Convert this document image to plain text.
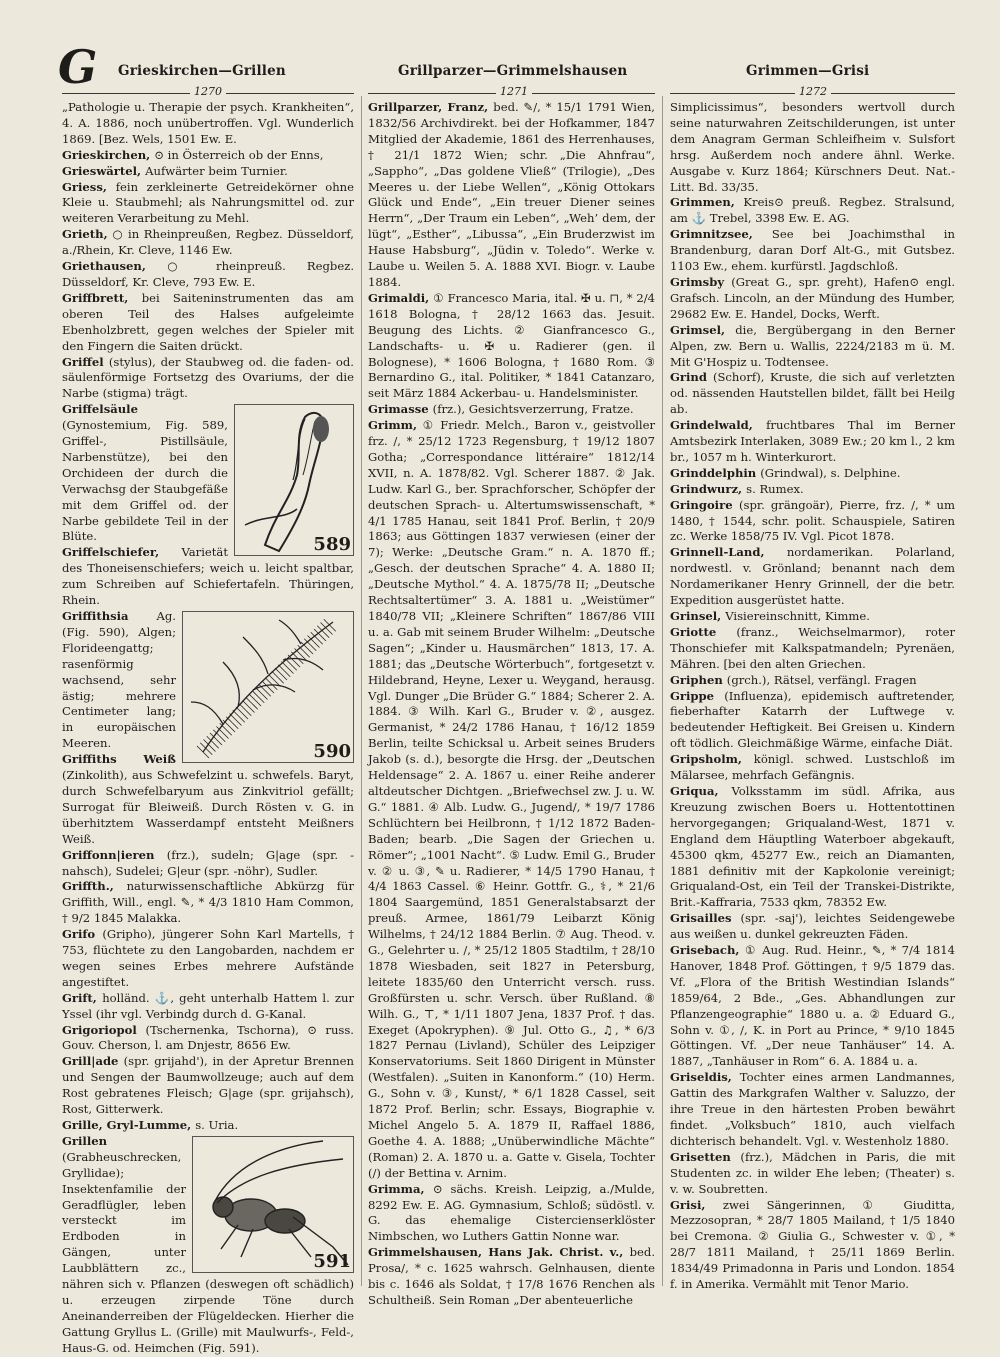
G Grieskirchen—Grillen	Grillparzer—Grimmelshausen	Grimmen—Grisi
1270	1271	1272

„Pathologie u. Therapie der psych. Krankheiten“, 4. A. 1886, noch unübertroffen. Vgl. Wunderlich 1869. [Bez. Wels, 1501 Ew. E.

Grieskirchen, ⊙ in Österreich ob der Enns,

Grieswärtel, Aufwärter beim Turnier.

Griess, fein zerkleinerte Getreidekörner ohne Kleie u. Staubmehl; als Nahrungsmittel od. zur weiteren Verarbeitung zu Mehl.

Grieth, ○ in Rheinpreußen, Regbez. Düsseldorf, a./Rhein, Kr. Cleve, 1146 Ew.

Griethausen, ○ rheinpreuß. Regbez. Düsseldorf, Kr. Cleve, 793 Ew. E.

Griffbrett, bei Saiteninstrumenten das am oberen Teil des Halses aufgeleimte Ebenholzbrett, gegen welches der Spieler mit den Fingern die Saiten drückt.

Griffel (stylus), der Staubweg od. die faden- od. säulenförmige Fortsetzg des Ovariums, der die Narbe (stigma) trägt.

589
Griffelsäule (Gynostemium, Fig. 589, Griffel-, Pistillsäule, Narbenstütze), bei den Orchideen der durch die Verwachsg der Staubgefäße mit dem Griffel od. der Narbe gebildete Teil in der Blüte.

Griffelschiefer, Varietät des Thoneisenschiefers; weich u. leicht spaltbar, zum Schreiben auf Schiefertafeln. Thüringen, Rhein.

590
Griffithsia Ag. (Fig. 590), Algen; Florideengattg; rasenförmig wachsend, sehr ästig; mehrere Centimeter lang; in europäischen Meeren.

Griffiths Weiß (Zinkolith), aus Schwefelzint u. schwefels. Baryt, durch Schwefelbaryum aus Zinkvitriol gefällt; Surrogat für Bleiweiß. Durch Rösten v. G. in überhitztem Wasserdampf entsteht Meißners Weiß.

Griffonn|ieren (frz.), sudeln; G|age (spr. -nahsch), Sudelei; G|eur (spr. -nöhr), Sudler.

Griffth., naturwissenschaftliche Abkürzg für Griffith, Will., engl. ✎, * 4/3 1810 Ham Common, † 9/2 1845 Malakka.

Grifo (Gripho), jüngerer Sohn Karl Martells, † 753, flüchtete zu den Langobarden, nachdem er wegen seines Erbes mehrere Aufstände angestiftet.

Grift, holländ. ⚓, geht unterhalb Hattem l. zur Yssel (ihr vgl. Verbindg durch d. G-Kanal.

Grigoriopol (Tschernenka, Tschorna), ⊙ russ. Gouv. Cherson, l. am Dnjestr, 8656 Ew.

Grill|ade (spr. grijahd'), in der Apretur Brennen und Sengen der Baumwollzeuge; auch auf dem Rost gebratenes Fleisch; G|age (spr. grijahsch), Rost, Gitterwerk.

Grille, Gryl-Lumme, s. Uria.

591
Grillen (Grabheuschrecken, Gryllidae); Insektenfamilie der Geradflügler, leben versteckt im Erdboden in Gängen, unter Laubblättern zc., nähren sich v. Pflanzen (deswegen oft schädlich) u. erzeugen zirpende Töne durch Aneinanderreiben der Flügeldecken. Hierher die Gattung Gryllus L. (Grille) mit Maulwurfs-, Feld-, Haus-G. od. Heimchen (Fig. 591).

Grillparzer, Franz, bed. ✎/, * 15/1 1791 Wien, 1832/56 Archivdirekt. bei der Hofkammer, 1847 Mitglied der Akademie, 1861 des Herrenhauses, † 21/1 1872 Wien; schr. „Die Ahnfrau“, „Sappho“, „Das goldene Vließ“ (Trilogie), „Des Meeres u. der Liebe Wellen“, „König Ottokars Glück und Ende“, „Ein treuer Diener seines Herrn“, „Der Traum ein Leben“, „Weh’ dem, der lügt“, „Esther“, „Libussa“, „Ein Bruderzwist im Hause Habsburg“, „Jüdin v. Toledo“. Werke v. Laube u. Weilen 5. A. 1888 XVI. Biogr. v. Laube 1884.

Grimaldi, ① Francesco Maria, ital. ✠ u. ⊓, * 2/4 1618 Bologna, † 28/12 1663 das. Jesuit. Beugung des Lichts. ② Gianfrancesco G., Landschafts- u. ✠ u. Radierer (gen. il Bolognese), * 1606 Bologna, † 1680 Rom. ③ Bernardino G., ital. Politiker, * 1841 Catanzaro, seit März 1884 Ackerbau- u. Handelsminister.

Grimasse (frz.), Gesichtsverzerrung, Fratze.

Grimm, ① Friedr. Melch., Baron v., geistvoller frz. /, * 25/12 1723 Regensburg, † 19/12 1807 Gotha; „Correspondance littéraire“ 1812/14 XVII, n. A. 1878/82. Vgl. Scherer 1887. ② Jak. Ludw. Karl G., ber. Sprachforscher, Schöpfer der deutschen Sprach- u. Altertumswissenschaft, * 4/1 1785 Hanau, seit 1841 Prof. Berlin, † 20/9 1863; aus Göttingen 1837 verwiesen (einer der 7); Werke: „Deutsche Gram.“ n. A. 1870 ff.; „Gesch. der deutschen Sprache“ 4. A. 1880 II; „Deutsche Mythol.“ 4. A. 1875/78 II; „Deutsche Rechtsaltertümer“ 3. A. 1881 u. „Weistümer“ 1840/78 VII; „Kleinere Schriften“ 1867/86 VIII u. a. Gab mit seinem Bruder Wilhelm: „Deutsche Sagen“; „Kinder u. Hausmärchen“ 1813, 17. A. 1881; das „Deutsche Wörterbuch“, fortgesetzt v. Hildebrand, Heyne, Lexer u. Weygand, herausg. Vgl. Dunger „Die Brüder G.“ 1884; Scherer 2. A. 1884. ③ Wilh. Karl G., Bruder v. ②, ausgez. Germanist, * 24/2 1786 Hanau, † 16/12 1859 Berlin, teilte Schicksal u. Arbeit seines Bruders Jakob (s. d.), besorgte die Hrsg. der „Deutschen Heldensage“ 2. A. 1867 u. einer Reihe anderer altdeutscher Dichtgen. „Briefwechsel zw. J. u. W. G.“ 1881. ④ Alb. Ludw. G., Jugend/, * 19/7 1786 Schlüchtern bei Heilbronn, † 1/12 1872 Baden-Baden; bearb. „Die Sagen der Griechen u. Römer“; „1001 Nacht“. ⑤ Ludw. Emil G., Bruder v. ② u. ③, ✎ u. Radierer, * 14/5 1790 Hanau, † 4/4 1863 Cassel. ⑥ Heinr. Gottfr. G., ⚕, * 21/6 1804 Saargemünd, 1851 Generalstabsarzt der preuß. Armee, 1861/79 Leibarzt König Wilhelms, † 24/12 1884 Berlin. ⑦ Aug. Theod. v. G., Gelehrter u. /, * 25/12 1805 Stadtilm, † 28/10 1878 Wiesbaden, seit 1827 in Petersburg, leitete 1835/60 den Unterricht versch. russ. Großfürsten u. schr. Versch. über Rußland. ⑧ Wilh. G., ⊤, * 1/11 1807 Jena, 1837 Prof. † das. Exeget (Apokryphen). ⑨ Jul. Otto G., ♫, * 6/3 1827 Pernau (Livland), Schüler des Leipziger Konservatoriums. Seit 1860 Dirigent in Münster (Westfalen). „Suiten in Kanonform.“ (10) Herm. G., Sohn v. ③, Kunst/, * 6/1 1828 Cassel, seit 1872 Prof. Berlin; schr. Essays, Biographie v. Michel Angelo 5. A. 1879 II, Raffael 1886, Goethe 4. A. 1888; „Unüberwindliche Mächte“ (Roman) 2. A. 1870 u. a. Gatte v. Gisela, Tochter (/) der Bettina v. Arnim.

Grimma, ⊙ sächs. Kreish. Leipzig, a./Mulde, 8292 Ew. E. AG. Gymnasium, Schloß; südöstl. v. G. das ehemalige Cistercienserklöster Nimbschen, wo Luthers Gattin Nonne war.

Grimmelshausen, Hans Jak. Christ. v., bed. Prosa/, * c. 1625 wahrsch. Gelnhausen, diente bis c. 1646 als Soldat, † 17/8 1676 Renchen als Schultheiß. Sein Roman „Der abenteuerliche

Simplicissimus“, besonders wertvoll durch seine naturwahren Zeitschilderungen, ist unter dem Anagram German Schleifheim v. Sulsfort hrsg. Außerdem noch andere ähnl. Werke. Ausgabe v. Kurz 1864; Kürschners Deut. Nat.-Litt. Bd. 33/35.

Grimmen, Kreis⊙ preuß. Regbez. Stralsund, am ⚓ Trebel, 3398 Ew. E. AG.

Grimnitzsee, See bei Joachimsthal in Brandenburg, daran Dorf Alt-G., mit Gutsbez. 1103 Ew., ehem. kurfürstl. Jagdschloß.

Grimsby (Great G., spr. greht), Hafen⊙ engl. Grafsch. Lincoln, an der Mündung des Humber, 29682 Ew. E. Handel, Docks, Werft.

Grimsel, die, Bergübergang in den Berner Alpen, zw. Bern u. Wallis, 2224/2183 m ü. M. Mit G'Hospiz u. Todtensee.

Grind (Schorf), Kruste, die sich auf verletzten od. nässenden Hautstellen bildet, fällt bei Heilg ab.

Grindelwald, fruchtbares Thal im Berner Amtsbezirk Interlaken, 3089 Ew.; 20 km l., 2 km br., 1057 m h. Winterkurort.

Grinddelphin (Grindwal), s. Delphine.

Grindwurz, s. Rumex.

Gringoire (spr. grängoär), Pierre, frz. /, * um 1480, † 1544, schr. polit. Schauspiele, Satiren zc. Werke 1858/75 IV. Vgl. Picot 1878.

Grinnell-Land, nordamerikan. Polarland, nordwestl. v. Grönland; benannt nach dem Nordamerikaner Henry Grinnell, der die betr. Expedition ausgerüstet hatte.

Grinsel, Visiereinschnitt, Kimme.

Griotte (franz., Weichselmarmor), roter Thonschiefer mit Kalkspatmandeln; Pyrenäen, Mähren. [bei den alten Griechen.

Griphen (grch.), Rätsel, verfängl. Fragen

Grippe (Influenza), epidemisch auftretender, fieberhafter Katarrh der Luftwege v. bedeutender Heftigkeit. Bei Greisen u. Kindern oft tödlich. Gleichmäßige Wärme, einfache Diät.

Gripsholm, königl. schwed. Lustschloß im Mälarsee, mehrfach Gefängnis.

Griqua, Volksstamm im südl. Afrika, aus Kreuzung zwischen Boers u. Hottentottinen hervorgegangen; Griqualand-West, 1871 v. England dem Häuptling Waterboer abgekauft, 45300 qkm, 45277 Ew., reich an Diamanten, 1881 definitiv mit der Kapkolonie vereinigt; Griqualand-Ost, ein Teil der Transkei-Distrikte, Brit.-Kaffraria, 7533 qkm, 78352 Ew.

Grisailles (spr. -saj'), leichtes Seidengewebe aus weißen u. dunkel gekreuzten Fäden.

Grisebach, ① Aug. Rud. Heinr., ✎, * 7/4 1814 Hanover, 1848 Prof. Göttingen, † 9/5 1879 das. Vf. „Flora of the British Westindian Islands“ 1859/64, 2 Bde., „Ges. Abhandlungen zur Pflanzengeographie“ 1880 u. a. ② Eduard G., Sohn v. ①, /, K. in Port au Prince, * 9/10 1845 Göttingen. Vf. „Der neue Tanhäuser“ 14. A. 1887, „Tanhäuser in Rom“ 6. A. 1884 u. a.

Griseldis, Tochter eines armen Landmannes, Gattin des Markgrafen Walther v. Saluzzo, der ihre Treue in den härtesten Proben bewährt findet. „Volksbuch“ 1810, auch vielfach dichterisch behandelt. Vgl. v. Westenholz 1880.

Grisetten (frz.), Mädchen in Paris, die mit Studenten zc. in wilder Ehe leben; (Theater) s. v. w. Soubretten.

Grisi, zwei Sängerinnen, ① Giuditta, Mezzosopran, * 28/7 1805 Mailand, † 1/5 1840 bei Cremona. ② Giulia G., Schwester v. ①, * 28/7 1811 Mailand, † 25/11 1869 Berlin. 1834/49 Primadonna in Paris und London. 1854 f. in Amerika. Vermählt mit Tenor Mario.
